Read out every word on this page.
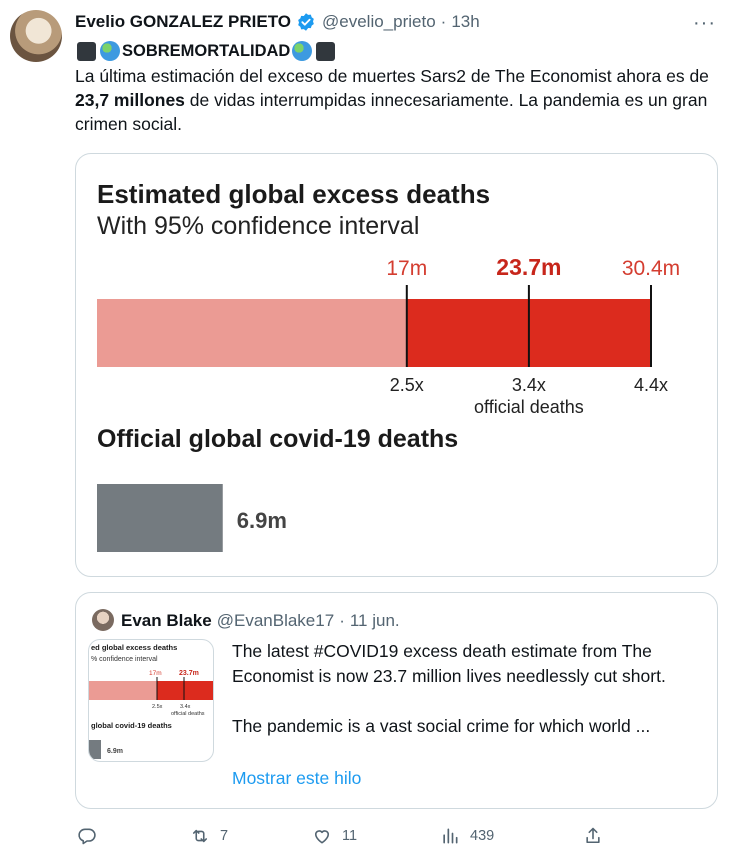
Evelio GONZALEZ PRIETO @evelio_prieto · 13h	···
SOBREMORTALIDAD
La última estimación del exceso de muertes Sars2 de The Economist ahora es de 23,7 millones de vidas interrumpidas innecesariamente. La pandemia es un gran crimen social.
Estimated global excess deaths
With 95% confidence interval
17m
2.5x
23.7m
3.4x
official deaths
30.4m
4.4x
6.9m
Official global covid-19 deaths
Evan Blake @EvanBlake17 · 11 jun.
ed global excess deaths
% confidence interval
17m 23.7m
2.5x	3.4x
official deaths
global covid-19 deaths
6.9m

The latest #COVID19 excess death estimate from The Economist is now 23.7 million lives needlessly cut short.

The pandemic is a vast social crime for which world ...

Mostrar este hilo
7	11	439
